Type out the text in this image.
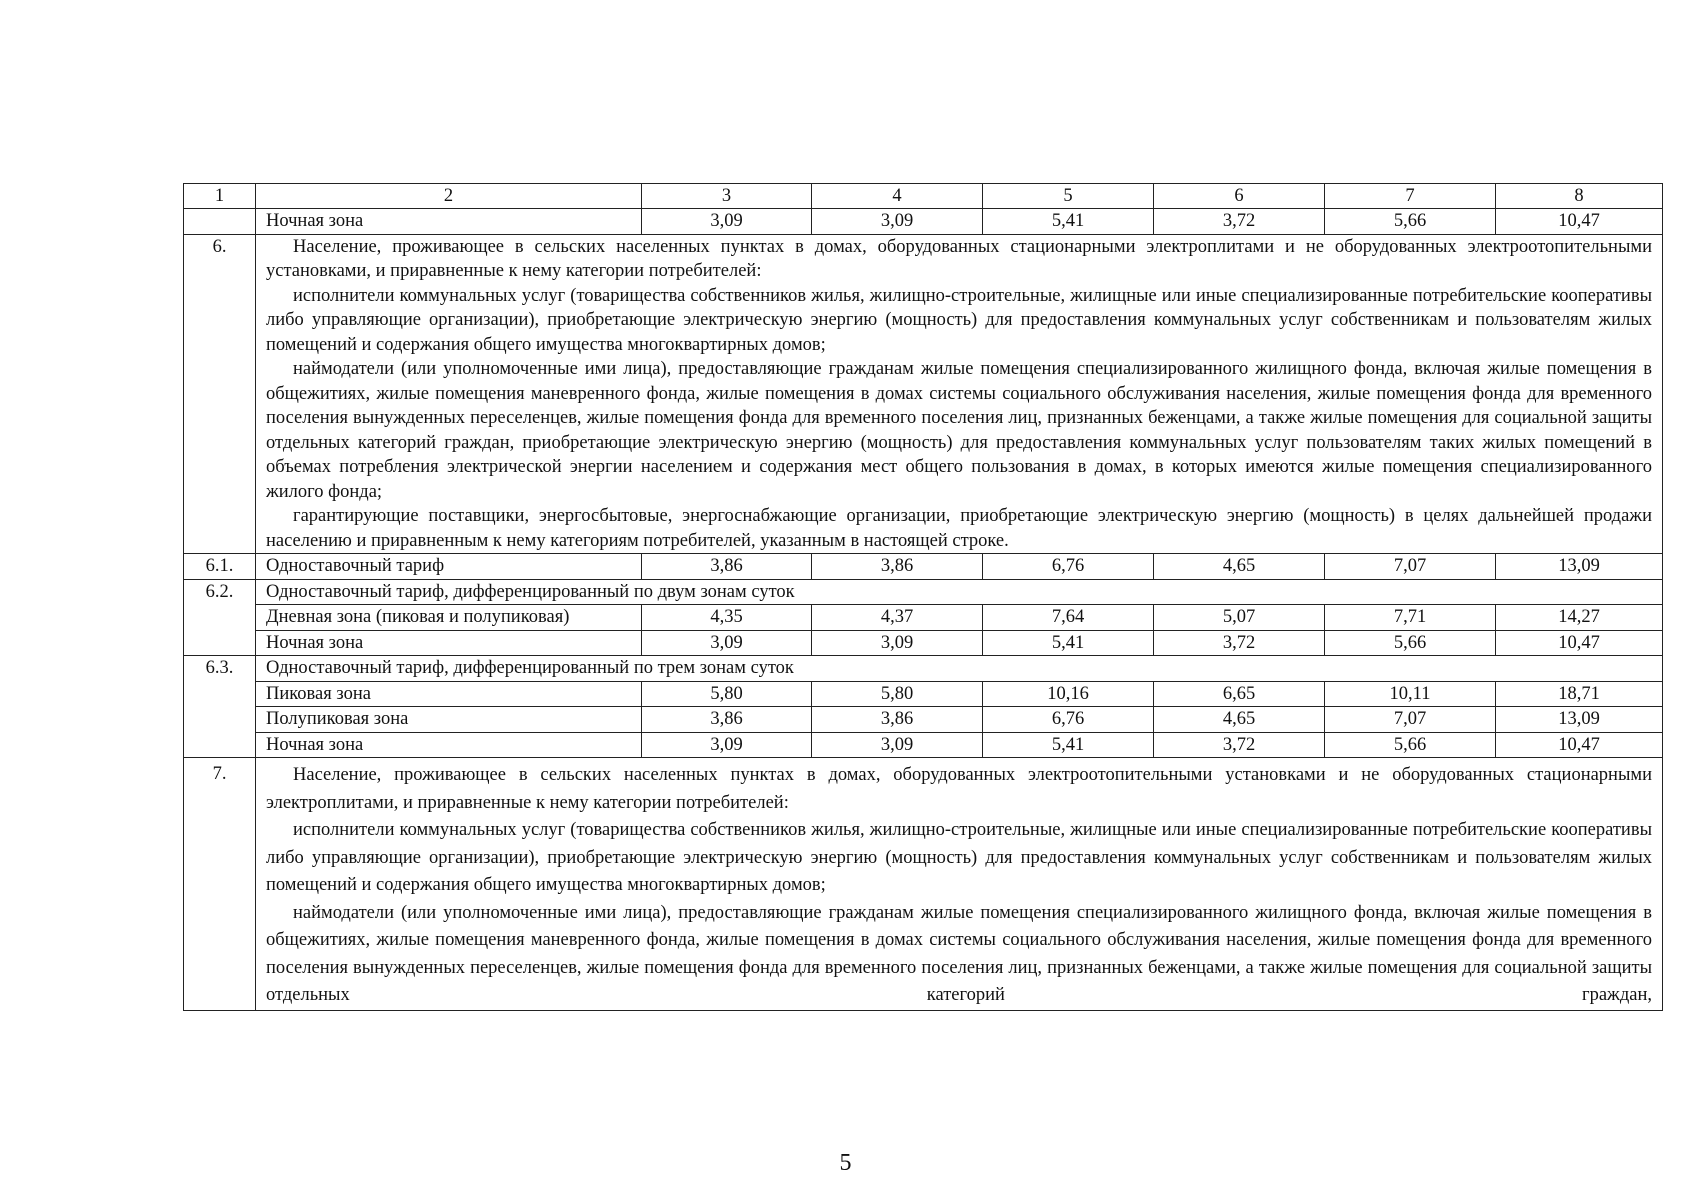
1	2	3	4	5	6	7	8
	Ночная зона	3,09	3,09	5,41	3,72	5,66	10,47
6.	Население, проживающее в сельских населенных пунктах в домах, оборудованных стационарными электроплитами и не оборудованных электроотопительными установками, и приравненные к нему категории потребителей:

исполнители коммунальных услуг (товарищества собственников жилья, жилищно-строительные, жилищные или иные специализированные потребительские кооперативы либо управляющие организации), приобретающие электрическую энергию (мощность) для предоставления коммунальных услуг собственникам и пользователям жилых помещений и содержания общего имущества многоквартирных домов;

наймодатели (или уполномоченные ими лица), предоставляющие гражданам жилые помещения специализированного жилищного фонда, включая жилые помещения в общежитиях, жилые помещения маневренного фонда, жилые помещения в домах системы социального обслуживания населения, жилые помещения фонда для временного поселения вынужденных переселенцев, жилые помещения фонда для временного поселения лиц, признанных беженцами, а также жилые помещения для социальной защиты отдельных категорий граждан, приобретающие электрическую энергию (мощность) для предоставления коммунальных услуг пользователям таких жилых помещений в объемах потребления электрической энергии населением и содержания мест общего пользования в домах, в которых имеются жилые помещения специализированного жилого фонда;

гарантирующие поставщики, энергосбытовые, энергоснабжающие организации, приобретающие электрическую энергию (мощность) в целях дальнейшей продажи населению и приравненным к нему категориям потребителей, указанным в настоящей строке.						

6.1.	Одноставочный тариф	3,86	3,86	6,76	4,65	7,07	13,09
6.2.	Одноставочный тариф, дифференцированный по двум зонам суток						
	Дневная зона (пиковая и полупиковая)	4,35	4,37	7,64	5,07	7,71	14,27
	Ночная зона	3,09	3,09	5,41	3,72	5,66	10,47
6.3.	Одноставочный тариф, дифференцированный по трем зонам суток						
	Пиковая зона	5,80	5,80	10,16	6,65	10,11	18,71
	Полупиковая зона	3,86	3,86	6,76	4,65	7,07	13,09
	Ночная зона	3,09	3,09	5,41	3,72	5,66	10,47
7.	Население, проживающее в сельских населенных пунктах в домах, оборудованных электроотопительными установками и не оборудованных стационарными электроплитами, и приравненные к нему категории потребителей:

исполнители коммунальных услуг (товарищества собственников жилья, жилищно-строительные, жилищные или иные специализированные потребительские кооперативы либо управляющие организации), приобретающие электрическую энергию (мощность) для предоставления коммунальных услуг собственникам и пользователям жилых помещений и содержания общего имущества многоквартирных домов;

наймодатели (или уполномоченные ими лица), предоставляющие гражданам жилые помещения специализированного жилищного фонда, включая жилые помещения в общежитиях, жилые помещения маневренного фонда, жилые помещения в домах системы социального обслуживания населения, жилые помещения фонда для временного поселения вынужденных переселенцев, жилые помещения фонда для временного поселения лиц, признанных беженцами, а также жилые помещения для социальной защиты отдельных категорий граждан,						

5
